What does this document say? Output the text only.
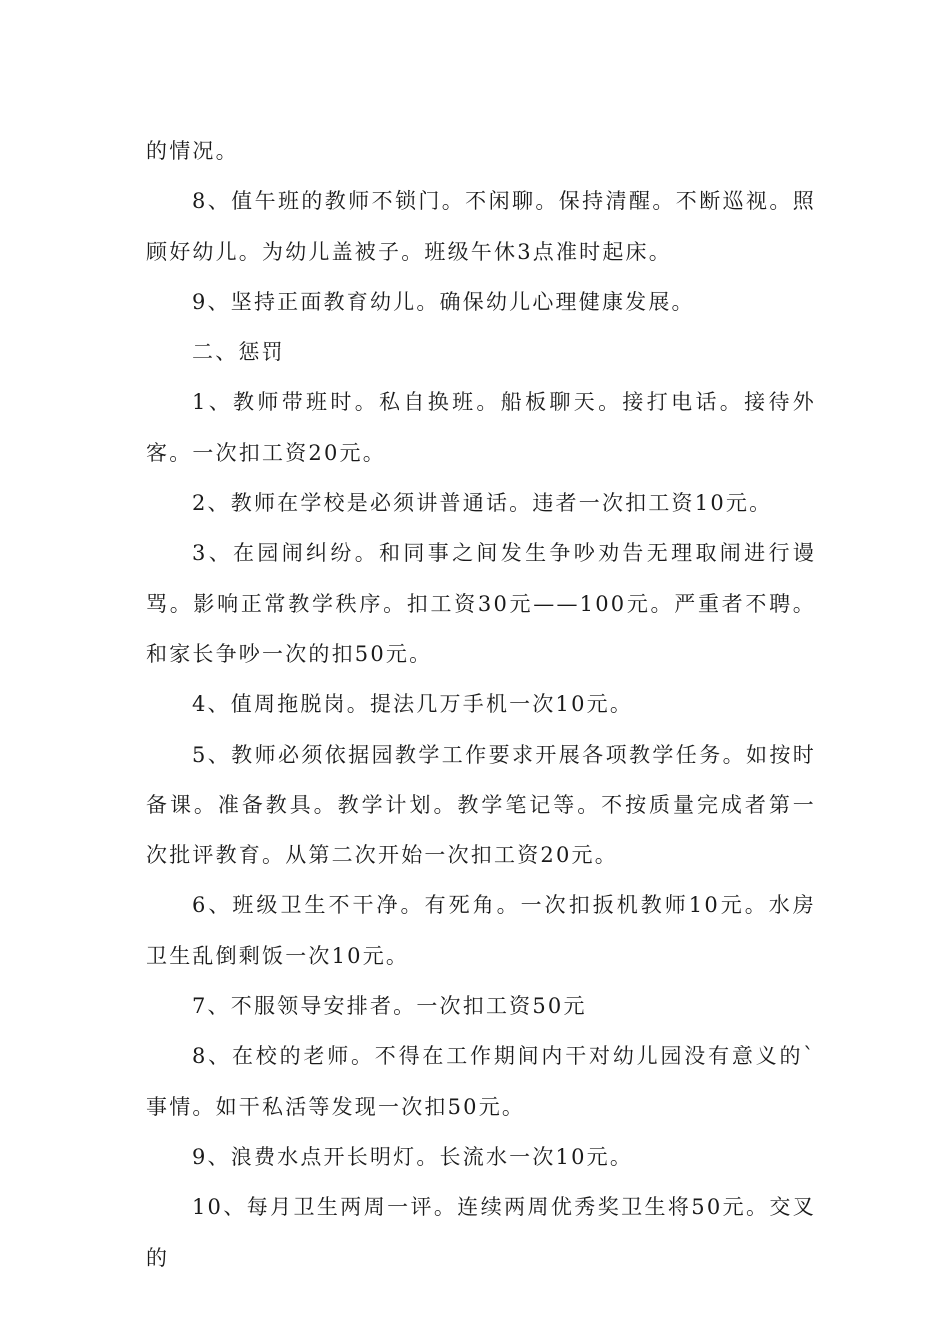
的情况。

8、值午班的教师不锁门。不闲聊。保持清醒。不断巡视。照顾好幼儿。为幼儿盖被子。班级午休3点准时起床。

9、坚持正面教育幼儿。确保幼儿心理健康发展。

二、惩罚

1、教师带班时。私自换班。船板聊天。接打电话。接待外客。一次扣工资20元。

2、教师在学校是必须讲普通话。违者一次扣工资10元。

3、在园闹纠纷。和同事之间发生争吵劝告无理取闹进行谩骂。影响正常教学秩序。扣工资30元——100元。严重者不聘。和家长争吵一次的扣50元。

4、值周拖脱岗。提法几万手机一次10元。

5、教师必须依据园教学工作要求开展各项教学任务。如按时备课。准备教具。教学计划。教学笔记等。不按质量完成者第一次批评教育。从第二次开始一次扣工资20元。

6、班级卫生不干净。有死角。一次扣扳机教师10元。水房卫生乱倒剩饭一次10元。

7、不服领导安排者。一次扣工资50元

8、在校的老师。不得在工作期间内干对幼儿园没有意义的`事情。如干私活等发现一次扣50元。

9、浪费水点开长明灯。长流水一次10元。

10、每月卫生两周一评。连续两周优秀奖卫生将50元。交叉的
